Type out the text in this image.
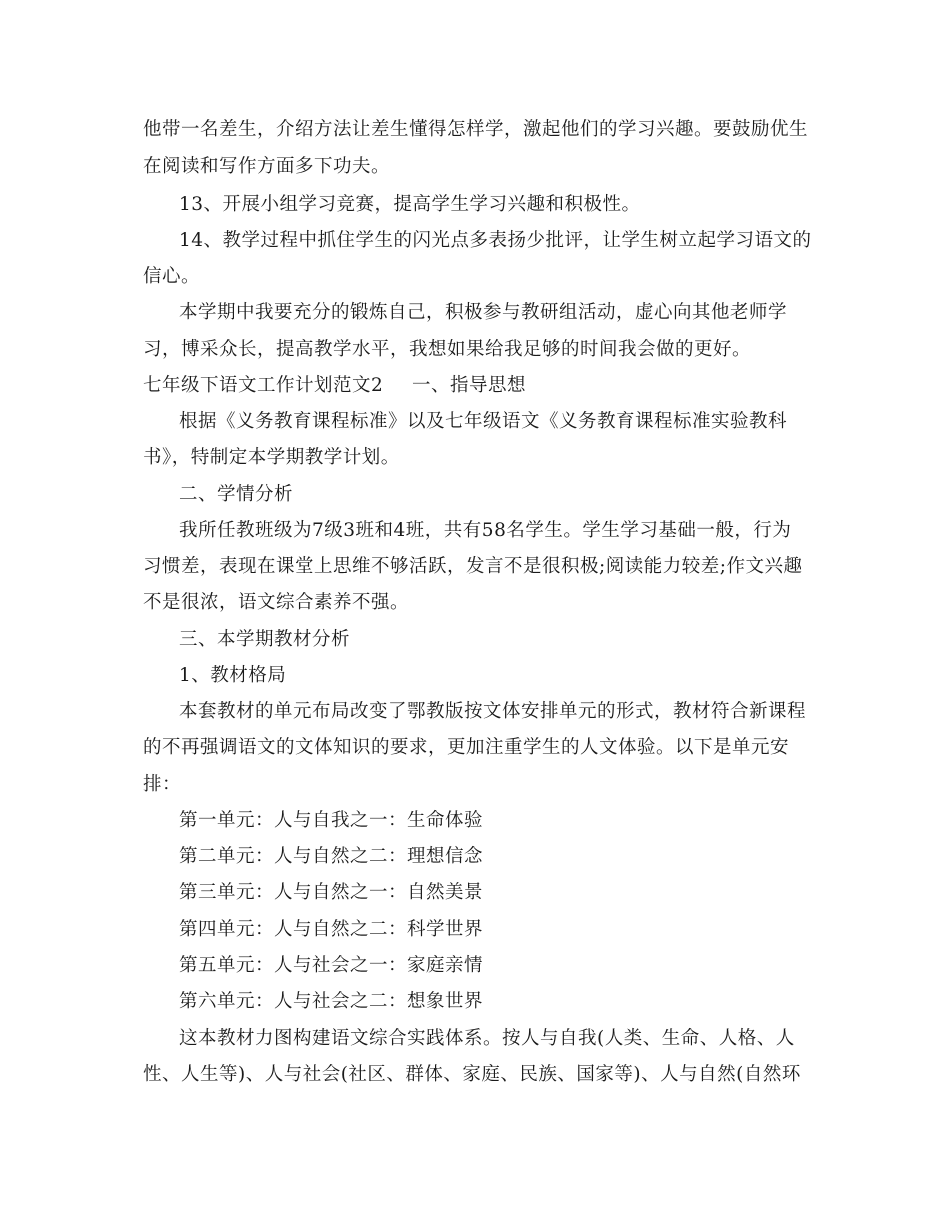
他带一名差生，介绍方法让差生懂得怎样学，激起他们的学习兴趣。要鼓励优生
在阅读和写作方面多下功夫。
13、开展小组学习竞赛，提高学生学习兴趣和积极性。
14、教学过程中抓住学生的闪光点多表扬少批评，让学生树立起学习语文的
信心。
本学期中我要充分的锻炼自己，积极参与教研组活动，虚心向其他老师学
习，博采众长，提高教学水平，我想如果给我足够的时间我会做的更好。
七年级下语文工作计划范文2 一、指导思想
根据《义务教育课程标准》以及七年级语文《义务教育课程标准实验教科
书》，特制定本学期教学计划。
二、学情分析
我所任教班级为7级3班和4班，共有58名学生。学生学习基础一般，行为
习惯差，表现在课堂上思维不够活跃，发言不是很积极;阅读能力较差;作文兴趣
不是很浓，语文综合素养不强。
三、本学期教材分析
1、教材格局
本套教材的单元布局改变了鄂教版按文体安排单元的形式，教材符合新课程
的不再强调语文的文体知识的要求，更加注重学生的人文体验。以下是单元安
排：
第一单元：人与自我之一：生命体验
第二单元：人与自然之二：理想信念
第三单元：人与自然之一：自然美景
第四单元：人与自然之二：科学世界
第五单元：人与社会之一：家庭亲情
第六单元：人与社会之二：想象世界
这本教材力图构建语文综合实践体系。按人与自我(人类、生命、人格、人
性、人生等)、人与社会(社区、群体、家庭、民族、国家等)、人与自然(自然环
